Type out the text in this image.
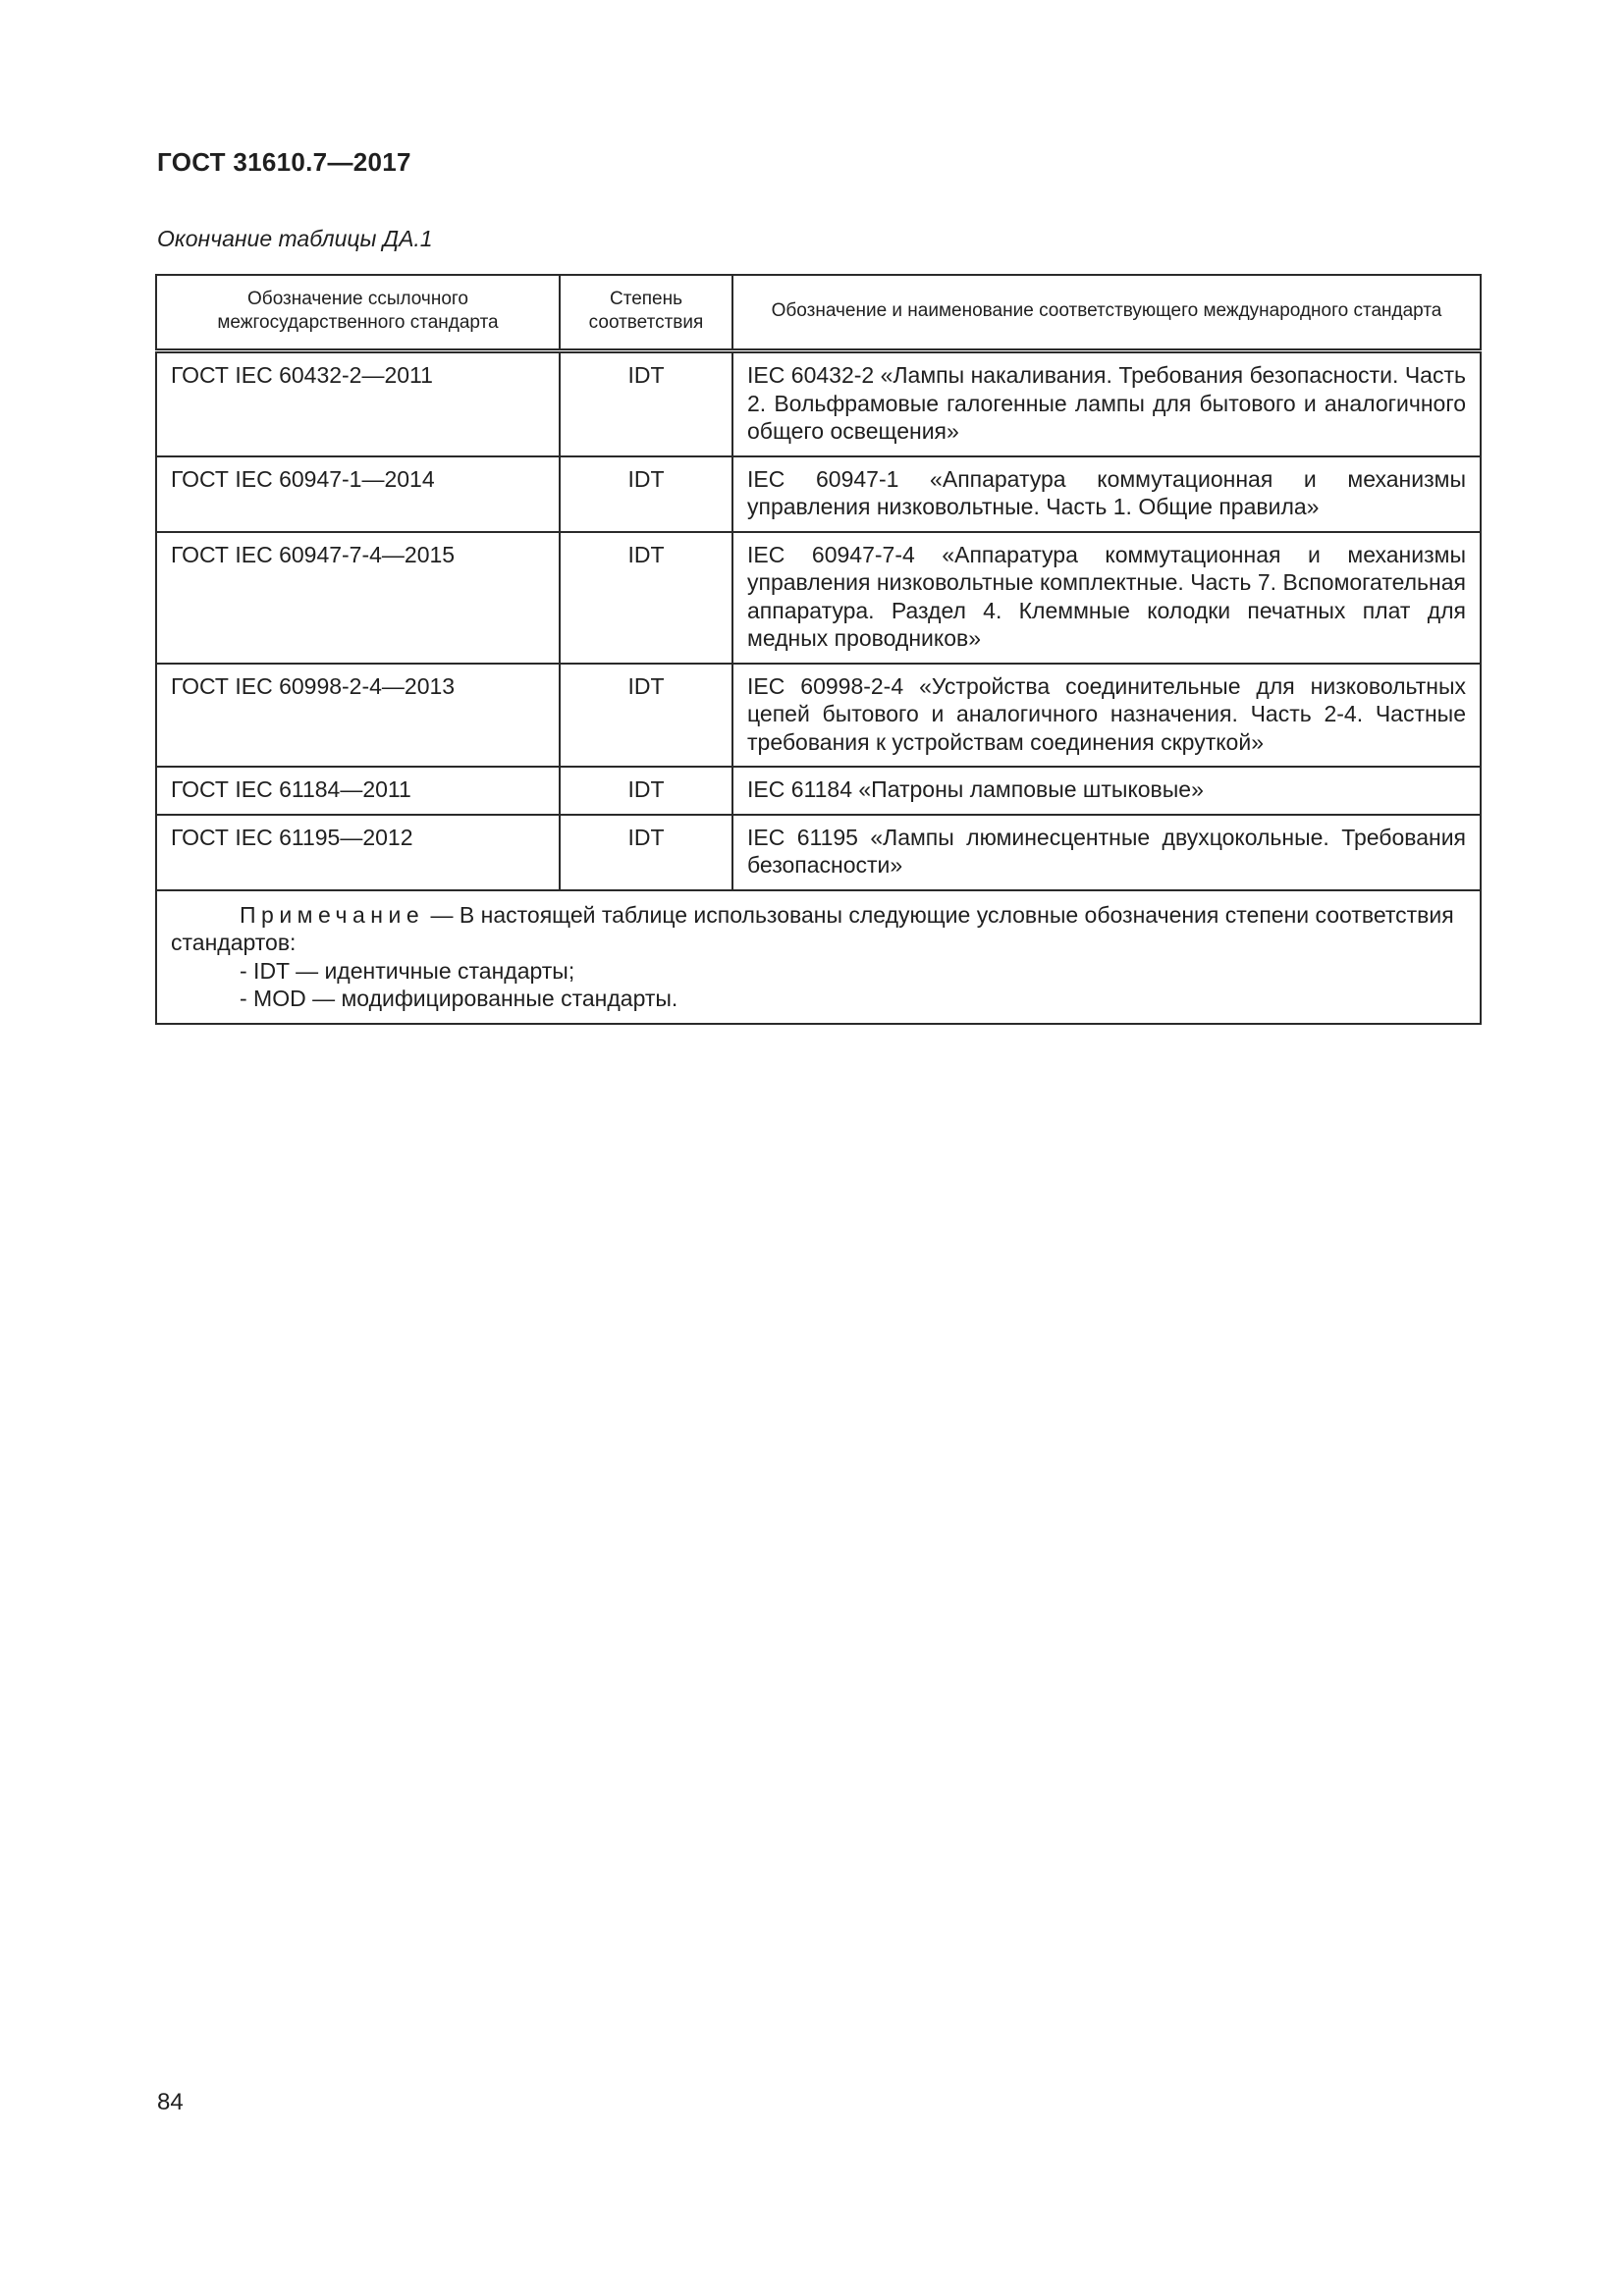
ГОСТ 31610.7—2017
Окончание таблицы ДА.1
Обозначение ссылочного межгосударственного стандарта	Степень соответствия	Обозначение и наименование соответствующего международного стандарта
ГОСТ IEC 60432-2—2011	IDT	IEC 60432-2 «Лампы накаливания. Требования безопасности. Часть 2. Вольфрамовые галогенные лампы для бытового и аналогичного общего освещения»
ГОСТ IEC 60947-1—2014	IDT	IEC 60947-1 «Аппаратура коммутационная и механизмы управления низковольтные. Часть 1. Общие правила»
ГОСТ IEC 60947-7-4—2015	IDT	IEC 60947-7-4 «Аппаратура коммутационная и механизмы управления низковольтные комплектные. Часть 7. Вспомогательная аппаратура. Раздел 4. Клеммные колодки печатных плат для медных проводников»
ГОСТ IEC 60998-2-4—2013	IDT	IEC 60998-2-4 «Устройства соединительные для низковольтных цепей бытового и аналогичного назначения. Часть 2-4. Частные требования к устройствам соединения скруткой»
ГОСТ IEC 61184—2011	IDT	IEC 61184 «Патроны ламповые штыковые»
ГОСТ IEC 61195—2012	IDT	IEC 61195 «Лампы люминесцентные двухцокольные. Требования безопасности»

Примечание — В настоящей таблице использованы следующие условные обозначения степени соответствия стандартов:
- IDT — идентичные стандарты;
- MOD — модифицированные стандарты.		
84
